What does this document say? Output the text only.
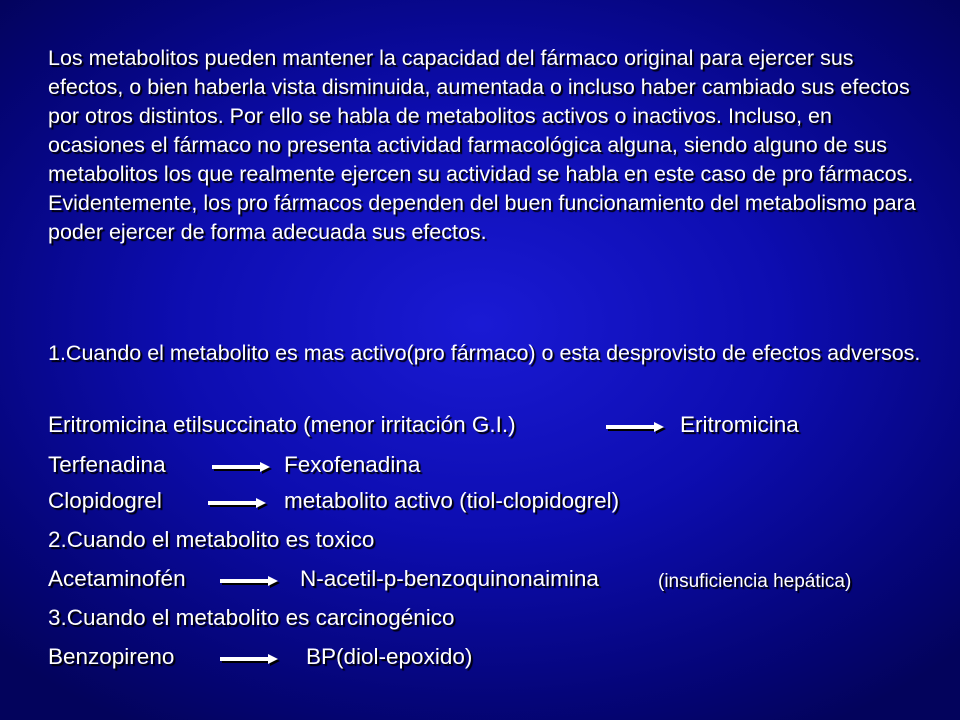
Los metabolitos pueden mantener la capacidad del fármaco original para ejercer sus efectos, o bien haberla vista disminuida, aumentada o incluso haber cambiado sus efectos por otros distintos. Por ello se habla de metabolitos activos o inactivos. Incluso, en ocasiones el fármaco no presenta actividad farmacológica alguna, siendo alguno de sus metabolitos los que realmente ejercen su actividad se habla en este caso de pro fármacos. Evidentemente, los pro fármacos dependen del buen funcionamiento del metabolismo para poder ejercer de forma adecuada sus efectos.

1.Cuando el metabolito es mas activo(pro fármaco) o esta desprovisto de efectos adversos.

Eritromicina etilsuccinato (menor irritación G.I.)	Eritromicina
Terfenadina	Fexofenadina
Clopidogrel	metabolito activo (tiol-clopidogrel)

2.Cuando el metabolito es toxico

Acetaminofén	N-acetil-p-benzoquinonaimina	(insuficiencia hepática)

3.Cuando el metabolito es carcinogénico

Benzopireno	BP(diol-epoxido)
